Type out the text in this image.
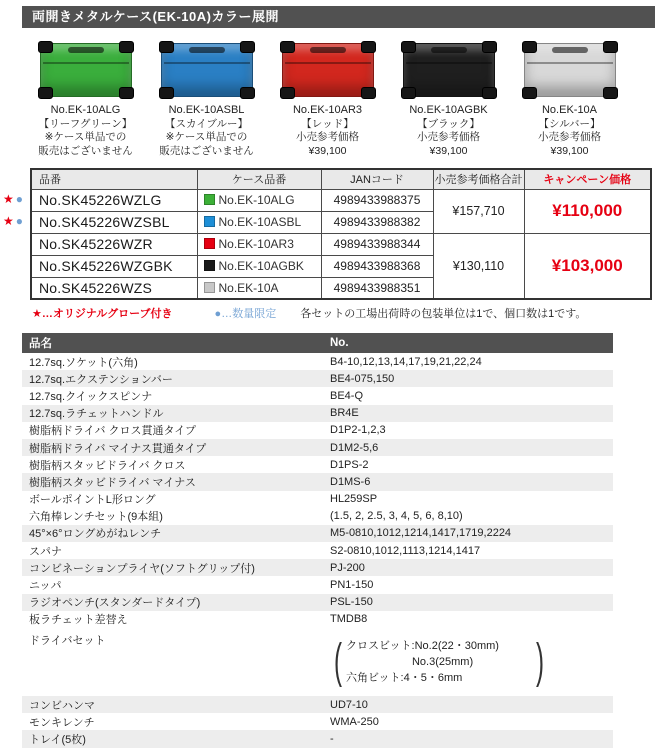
両開きメタルケース(EK-10A)カラー展開
No.EK-10ALG
【リーフグリーン】
※ケース単品での
販売はございません
No.EK-10ASBL
【スカイブルー】
※ケース単品での
販売はございません
No.EK-10AR3
【レッド】
小売参考価格
¥39,100
No.EK-10AGBK
【ブラック】
小売参考価格
¥39,100
No.EK-10A
【シルバー】
小売参考価格
¥39,100
★ ●
★ ●
品番	ケース品番	JANコード	小売参考価格合計	キャンペーン価格
No.SK45226WZLG	No.EK-10ALG	4989433988375	¥157,710	¥110,000
No.SK45226WZSBL	No.EK-10ASBL	4989433988382		
No.SK45226WZR	No.EK-10AR3	4989433988344	¥130,110	¥103,000
No.SK45226WZGBK	No.EK-10AGBK	4989433988368		
No.SK45226WZS	No.EK-10A	4989433988351		
★…オリジナルグローブ付き	●…数量限定 各セットの工場出荷時の包装単位は1で、個口数は1です。
品名	No.
12.7sq.ソケット(六角)	B4-10,12,13,14,17,19,21,22,24
12.7sq.エクステンションバー	BE4-075,150
12.7sq.クイックスピンナ	BE4-Q
12.7sq.ラチェットハンドル	BR4E
樹脂柄ドライバ クロス貫通タイプ	D1P2-1,2,3
樹脂柄ドライバ マイナス貫通タイプ	D1M2-5,6
樹脂柄スタッビドライバ クロス	D1PS-2
樹脂柄スタッビドライバ マイナス	D1MS-6
ボールポイントL形ロング	HL259SP
六角棒レンチセット(9本組)	(1.5, 2, 2.5, 3, 4, 5, 6, 8,10)
45°×6°ロングめがねレンチ	M5-0810,1012,1214,1417,1719,2224
スパナ	S2-0810,1012,1113,1214,1417
コンビネーションプライヤ(ソフトグリップ付)	PJ-200
ニッパ	PN1-150
ラジオペンチ(スタンダードタイプ)	PSL-150
板ラチェット差替え	TMDB8
ドライバセット	( クロスビット:No.2(22・30mm)
No.3(25mm)
六角ビット:4・5・6mm	)
コンビハンマ	UD7-10
モンキレンチ	WMA-250
トレイ(5枚)	-
